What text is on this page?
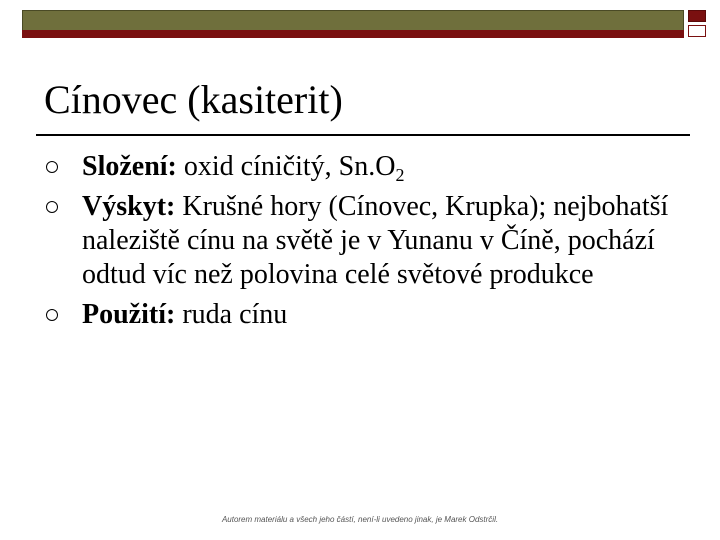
Cínovec (kasiterit)
Složení: oxid cíničitý, $Sn.O_2$
Výskyt: Krušné hory (Cínovec, Krupka); nejbohatší naleziště cínu na světě je v Yunanu v Číně, pochází odtud víc než polovina celé světové produkce
Použití: ruda cínu
Autorem materiálu a všech jeho částí, není-li uvedeno jinak, je Marek Odstrčil.
